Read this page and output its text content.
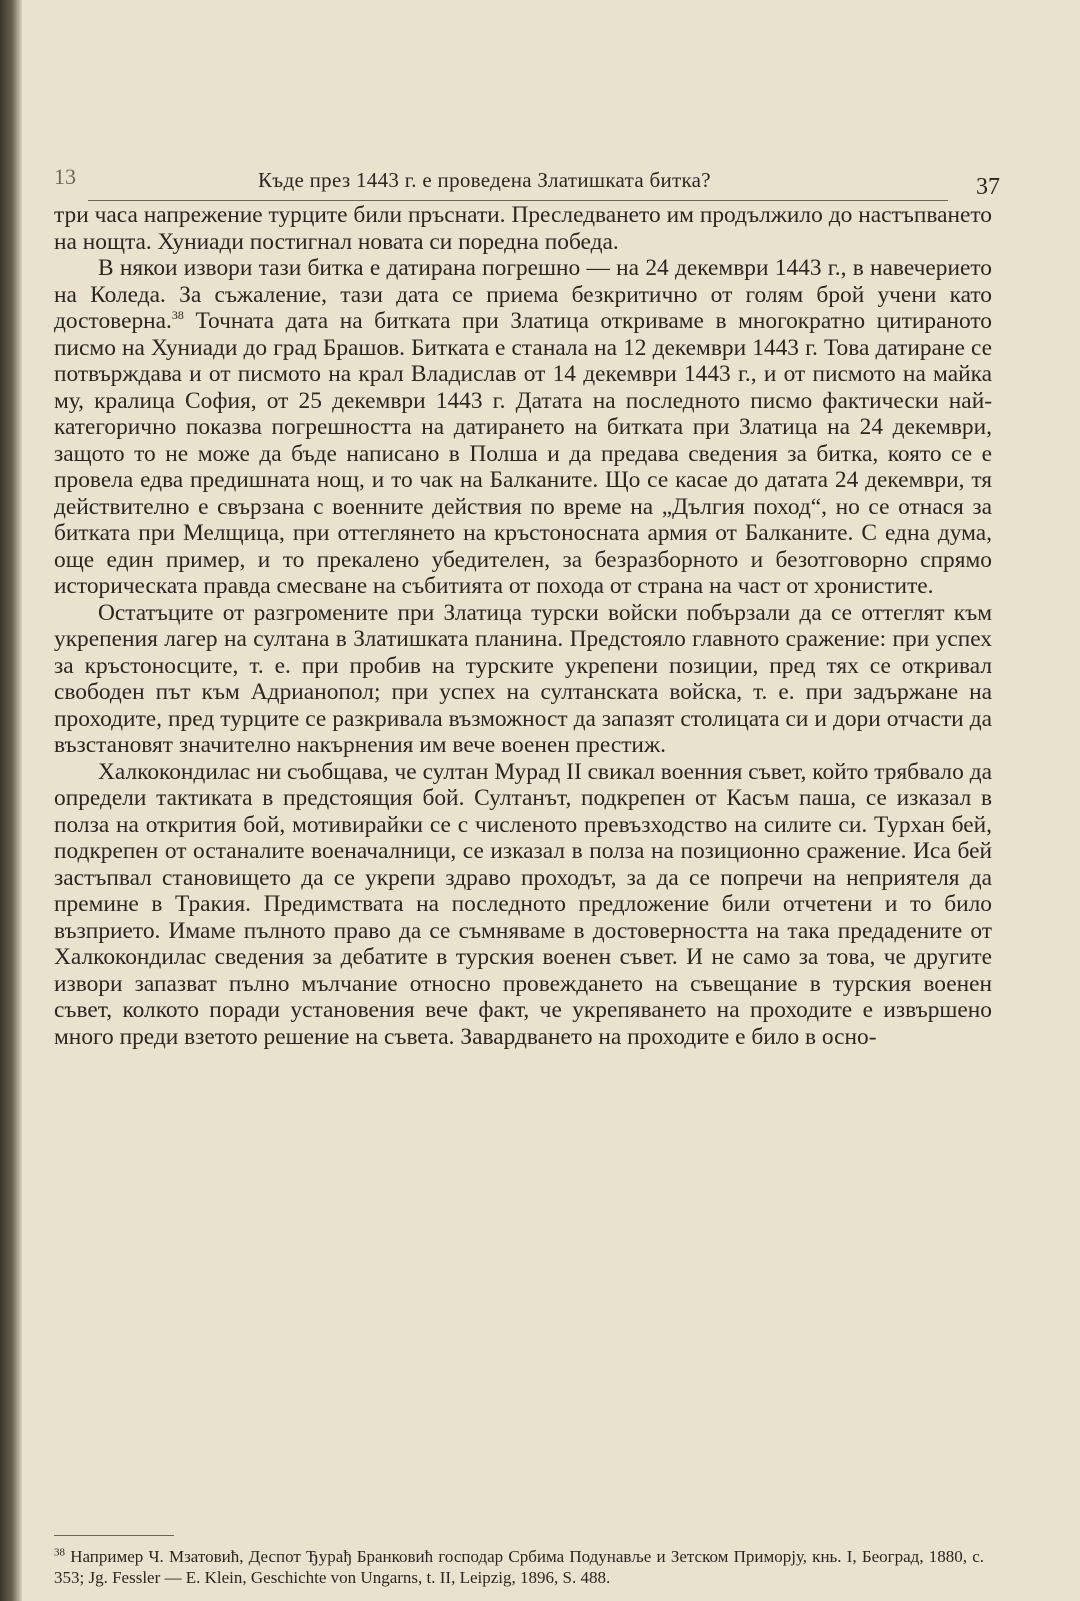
13	Къде през 1443 г. е проведена Златишката битка?	37

три часа напрежение турците били пръснати. Преследването им продължило до настъпването на нощта. Хуниади постигнал новата си поредна победа.

В някои извори тази битка е датирана погрешно — на 24 декември 1443 г., в навечерието на Коледа. За съжаление, тази дата се приема безкритично от голям брой учени като достоверна.$^{38}$ Точната дата на битката при Златица откриваме в многократно цитираното писмо на Хуниади до град Брашов. Битката е станала на 12 декември 1443 г. Това датиране се потвърждава и от писмото на крал Владислав от 14 декември 1443 г., и от писмото на майка му, кралица София, от 25 декември 1443 г. Датата на последното писмо фактически най-категорично показва погрешността на датирането на битката при Златица на 24 декември, защото то не може да бъде написано в Полша и да предава сведения за битка, която се е провела едва предишната нощ, и то чак на Балканите. Що се касае до датата 24 декември, тя действително е свързана с военните действия по време на „Дългия поход“, но се отнася за битката при Мелщица, при оттеглянето на кръстоносната армия от Балканите. С една дума, още един пример, и то прекалено убедителен, за безразборното и безотговорно спрямо историческата правда смесване на събитията от похода от страна на част от хронистите.

Остатъците от разгромените при Златица турски войски побързали да се оттеглят към укрепения лагер на султана в Златишката планина. Предстояло главното сражение: при успех за кръстоносците, т. е. при пробив на турските укрепени позиции, пред тях се откривал свободен път към Адрианопол; при успех на султанската войска, т. е. при задържане на проходите, пред турците се разкривала възможност да запазят столицата си и дори отчасти да възстановят значително накърнения им вече военен престиж.

Халкокондилас ни съобщава, че султан Мурад II свикал военния съвет, който трябвало да определи тактиката в предстоящия бой. Султанът, подкрепен от Касъм паша, се изказал в полза на открития бой, мотивирайки се с численото превъзходство на силите си. Турхан бей, подкрепен от останалите военачалници, се изказал в полза на позиционно сражение. Иса бей застъпвал становището да се укрепи здраво проходът, за да се попречи на неприятеля да премине в Тракия. Предимствата на последното предложение били отчетени и то било възприето. Имаме пълното право да се съмняваме в достоверността на така предадените от Халкокондилас сведения за дебатите в турския военен съвет. И не само за това, че другите извори запазват пълно мълчание относно провеждането на съвещание в турския военен съвет, колкото поради установения вече факт, че укрепяването на проходите е извършено много преди взетото решение на съвета. Завардването на проходите е било в осно-

$^{38}$ Например Ч. Мзатовић, Деспот Ђурађ Бранковић господар Србима Подунавље и Зетском Приморју, кнь. I, Београд, 1880, с. 353; Jg. Fessler — E. Klein, Geschichte von Ungarns, t. II, Leipzig, 1896, S. 488.
